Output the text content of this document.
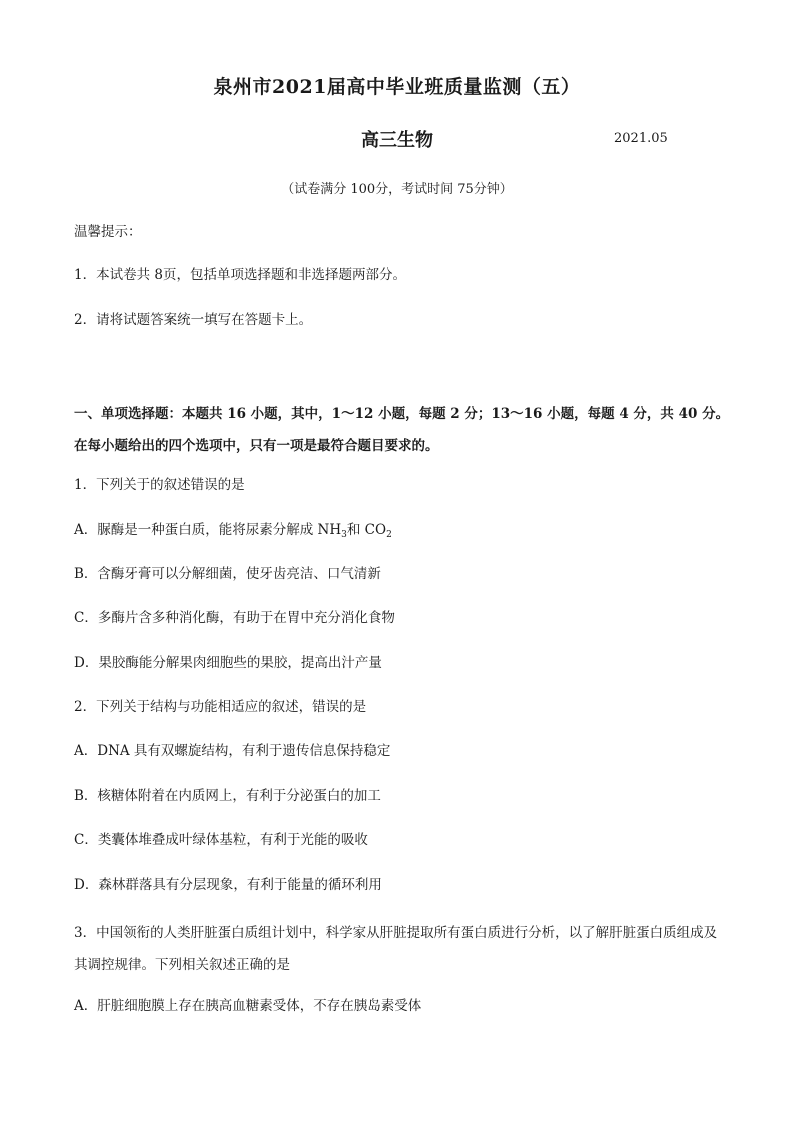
泉州市2021届高中毕业班质量监测（五）
高三生物	2021.05
（试卷满分 100分，考试时间 75分钟）
温馨提示：
1．本试卷共 8页，包括单项选择题和非选择题两部分。
2．请将试题答案统一填写在答题卡上。
一、单项选择题：本题共 16 小题，其中，1～12 小题，每题 2 分；13～16 小题，每题 4 分，共 40 分。在每小题给出的四个选项中，只有一项是最符合题目要求的。
1．下列关于的叙述错误的是
A．脲酶是一种蛋白质，能将尿素分解成 $NH_3$和 $CO_2$
B．含酶牙膏可以分解细菌，使牙齿亮洁、口气清新
C．多酶片含多种消化酶，有助于在胃中充分消化食物
D．果胶酶能分解果肉细胞些的果胶，提高出汁产量
2．下列关于结构与功能相适应的叙述，错误的是
A．DNA 具有双螺旋结构，有利于遗传信息保持稳定
B．核糖体附着在内质网上，有利于分泌蛋白的加工
C．类囊体堆叠成叶绿体基粒，有利于光能的吸收
D．森林群落具有分层现象，有利于能量的循环利用
3．中国领衔的人类肝脏蛋白质组计划中，科学家从肝脏提取所有蛋白质进行分析，以了解肝脏蛋白质组成及其调控规律。下列相关叙述正确的是
A．肝脏细胞膜上存在胰高血糖素受体，不存在胰岛素受体
